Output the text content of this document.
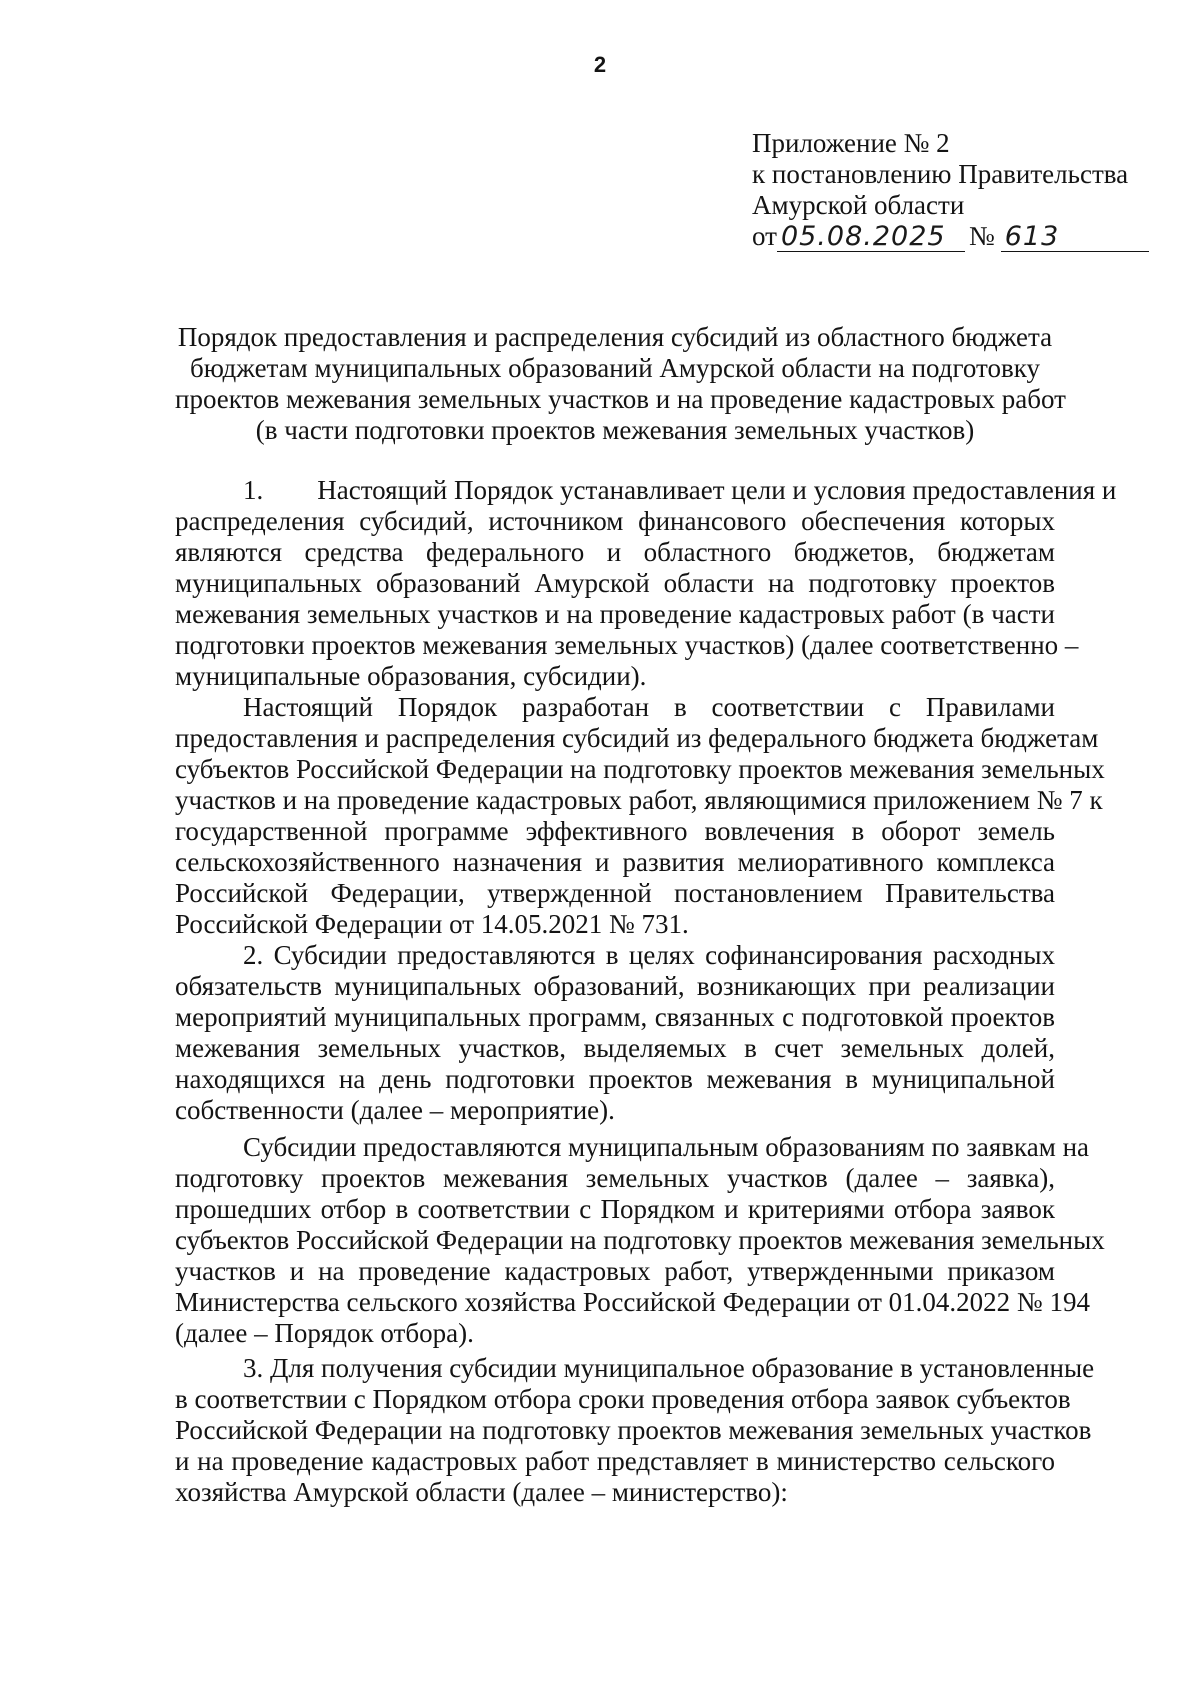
2
Приложение № 2
к постановлению Правительства
Амурской области
от 05.08.2025 № 613
Порядок предоставления и распределения субсидий из областного бюджета
бюджетам муниципальных образований Амурской области на подготовку
проектов межевания земельных участков и на проведение кадастровых работ
(в части подготовки проектов межевания земельных участков)

1.        Настоящий Порядок устанавливает цели и условия предоставления и
распределения субсидий, источником финансового обеспечения которых
являются средства федерального и областного бюджетов, бюджетам
муниципальных образований Амурской области на подготовку проектов
межевания земельных участков и на проведение кадастровых работ (в части
подготовки проектов межевания земельных участков) (далее соответственно –
муниципальные образования, субсидии).

Настоящий Порядок разработан в соответствии с Правилами
предоставления и распределения субсидий из федерального бюджета бюджетам
субъектов Российской Федерации на подготовку проектов межевания земельных
участков и на проведение кадастровых работ, являющимися приложением № 7 к
государственной программе эффективного вовлечения в оборот земель
сельскохозяйственного назначения и развития мелиоративного комплекса
Российской Федерации, утвержденной постановлением Правительства
Российской Федерации от 14.05.2021 № 731.

2. Субсидии предоставляются в целях софинансирования расходных
обязательств муниципальных образований, возникающих при реализации
мероприятий муниципальных программ, связанных с подготовкой проектов
межевания земельных участков, выделяемых в счет земельных долей,
находящихся на день подготовки проектов межевания в муниципальной
собственности (далее – мероприятие).

Субсидии предоставляются муниципальным образованиям по заявкам на
подготовку проектов межевания земельных участков (далее – заявка),
прошедших отбор в соответствии с Порядком и критериями отбора заявок
субъектов Российской Федерации на подготовку проектов межевания земельных
участков и на проведение кадастровых работ, утвержденными приказом
Министерства сельского хозяйства Российской Федерации от 01.04.2022 № 194
(далее – Порядок отбора).

3. Для получения субсидии муниципальное образование в установленные
в соответствии с Порядком отбора сроки проведения отбора заявок субъектов
Российской Федерации на подготовку проектов межевания земельных участков
и на проведение кадастровых работ представляет в министерство сельского
хозяйства Амурской области (далее – министерство):
